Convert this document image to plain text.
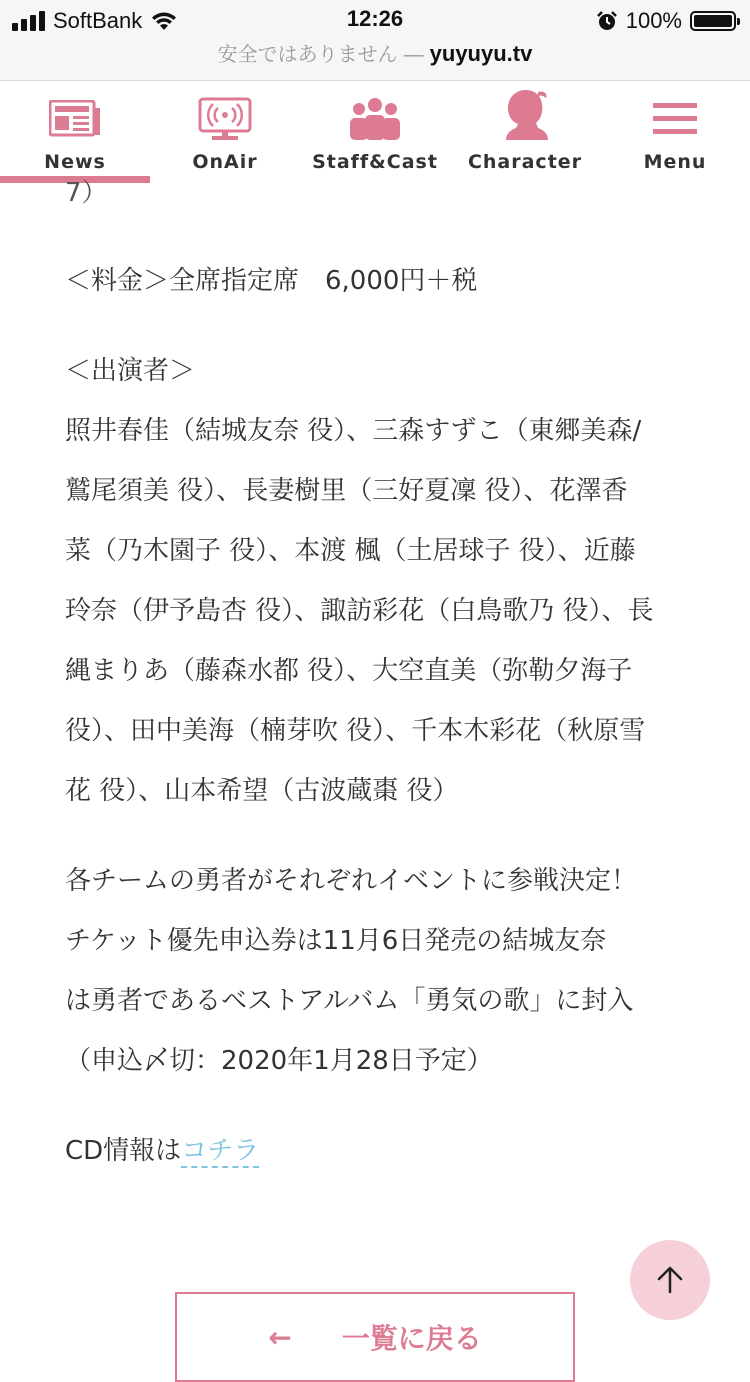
SoftBank	12:26	100%
安全ではありません — yuyuyu.tv
News	OnAir	Staff&Cast Character	Menu

7）

＜料金＞全席指定席　6,000円＋税

＜出演者＞

照井春佳（結城友奈 役）、三森すずこ（東郷美森/

鷲尾須美 役）、長妻樹里（三好夏凜 役）、花澤香

菜（乃木園子 役）、本渡 楓（土居球子 役）、近藤

玲奈（伊予島杏 役）、諏訪彩花（白鳥歌乃 役）、長

縄まりあ（藤森水都 役）、大空直美（弥勒夕海子

役）、田中美海（楠芽吹 役）、千本木彩花（秋原雪

花 役）、山本希望（古波蔵棗 役）

各チームの勇者がそれぞれイベントに参戦決定！

チケット優先申込券は11月6日発売の結城友奈

は勇者であるベストアルバム「勇気の歌」に封入

（申込〆切：2020年1月28日予定）

CD情報はコチラ

← 一覧に戻る
